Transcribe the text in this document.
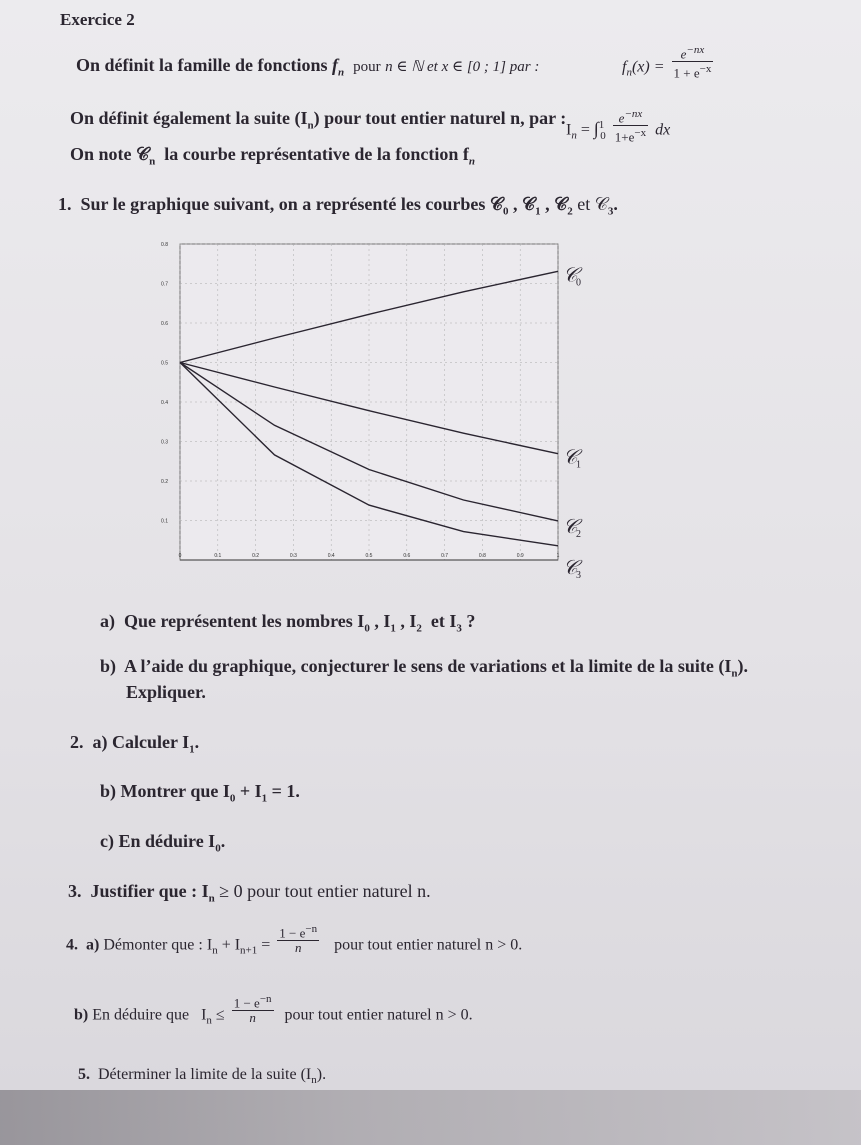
Exercice 2
On définit la famille de fonctions $f_n$ pour n ∈ ℕ et x ∈ [0 ; 1] par :	$f_n(x) = \frac{e^{-nx}}{1 + e^{-x}}$
On définit également la suite $(I_n)$ pour tout entier naturel n, par :
$I_n = \int^1_0 \frac{e^{-nx}}{1+e^{-x}}$ dx
On note 𝒞$_n$ la courbe représentative de la fonction $f_n$
1. Sur le graphique suivant, on a représenté les courbes 𝒞$_0$ , 𝒞$_1$ , 𝒞$_2$ et 𝒞$_3$.
0	0.1	0.2	0.3	0.4	0.5	0.6	0.7	0.8	0.9	1
0.1
0.2
0.3
0.4
0.5
0.6
0.7
0.8
𝒞
0
𝒞
1
𝒞
2
𝒞
3
a) Que représentent les nombres $I_0$ , $I_1$ , $I_2$ et $I_3$ ?
b) A l’aide du graphique, conjecturer le sens de variations et la limite de la suite $(I_n)$.
Expliquer.
2. a) Calculer $I_1$.
b) Montrer que $I_0 + I_1 = 1$.
c) En déduire $I_0$.
3. Justifier que : $I_n \ge 0$ pour tout entier naturel n.
4. a) Démonter que : $I_n + I_{n+1} = \frac{1 - e^{-n}}{n}$ pour tout entier naturel n > 0.
b) En déduire que $I_n \le \frac{1 - e^{-n}}{n}$ pour tout entier naturel n > 0.
5. Déterminer la limite de la suite $(I_n)$.
